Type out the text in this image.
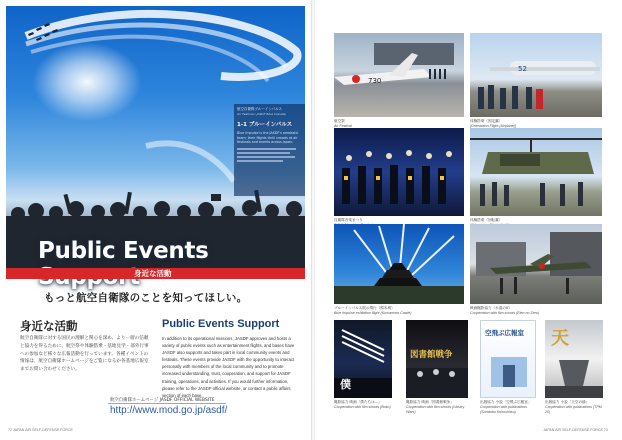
航空自衛隊ブルーインパルス
Air Festival / JASDF Blue Impulse
1-1 ブルーインパルス
Blue Impulse is the JASDF's aerobatic team; their flights thrill crowds at air festivals and events across Japan.
Public Events
身近な活動
もっと航空自衛隊のことを知ってほしい。
身近な活動
航空自衛隊に対する国民の理解と関心を深め、より一層の信頼と協力を得るために、航空祭や体験搭乗・基地見学・部外行事への参加など様々な広報活動を行っています。各種イベントの情報は、航空自衛隊ホームページをご覧になるか各基地広報室までお問い合わせください。
Public Events Support
In addition to its operational missions, JASDF approves and hosts a variety of public events such as entertainment flights, and bases have JASDF also supports and takes part in local community events and festivals. These events provide JASDF with the opportunity to interact personally with members of the local community and to promote increased understanding, trust, cooperation, and support for JASDF training, operations, and activities. If you would further information, please refer to the JASDF official website, or contact a public affairs section of each base.
航空自衛隊ホームページ JASDF OFFICIAL WEBSITE
http://www.mod.go.jp/asdf/
72 JAPAN AIR SELF-DEFENSE FORCE
730
航空祭
Air Festival
52
体験搭乗（固定翼）
[Orientation Flight (Airplane)]
自衛隊音楽まつり	体験搭乗（回転翼）
ブルーインパルス展示飛行（熊本城）
Blue Impulse exhibition flight (Kumamoto Castle)
映画撮影協力（永遠の0）
Cooperation with film shoots (Eien no Zero)
僕
撮影協力 映画「僕たちは…」
Cooperation with film shoots (Boku)
図書館戦争
撮影協力 映画「図書館戦争」
Cooperation with film shoots (Library Wars)
空飛ぶ広報室
出版協力 小説「空飛ぶ広報室」
Cooperation with publications (Soratobu Kohoshitsu)
天
出版協力 小説「天空の蜂」
Cooperation with publications (TPM 20)
JAPAN AIR SELF-DEFENSE FORCE 73
